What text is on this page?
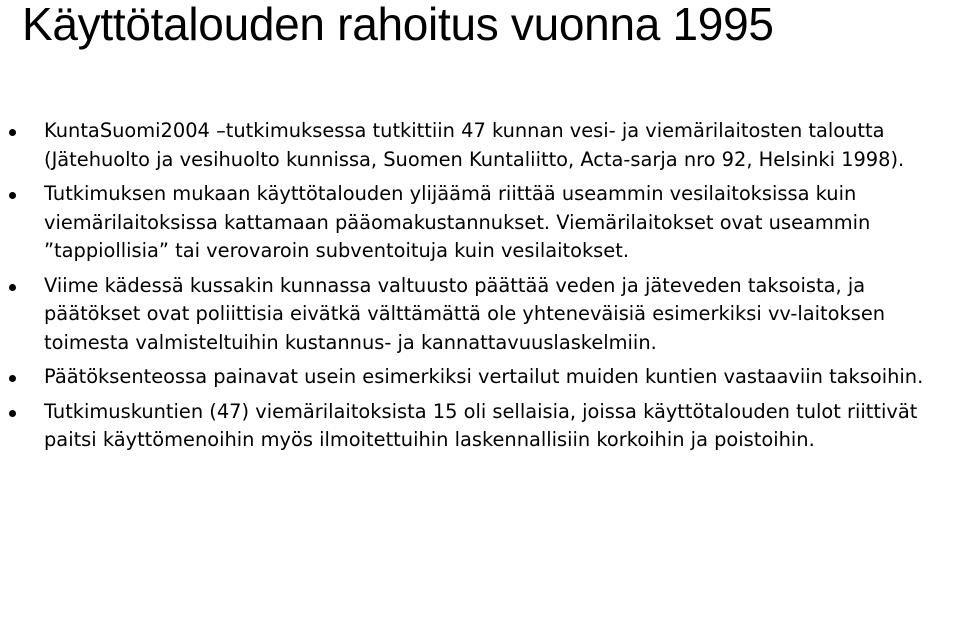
Käyttötalouden rahoitus vuonna 1995
KuntaSuomi2004 –tutkimuksessa tutkittiin 47 kunnan vesi- ja viemärilaitosten taloutta (Jätehuolto ja vesihuolto kunnissa, Suomen Kuntaliitto, Acta-sarja nro 92, Helsinki 1998).
Tutkimuksen mukaan käyttötalouden ylijäämä riittää useammin vesilaitoksissa kuin viemärilaitoksissa kattamaan pääomakustannukset. Viemärilaitokset ovat useammin ”tappiollisia” tai verovaroin subventoituja kuin vesilaitokset.
Viime kädessä kussakin kunnassa valtuusto päättää veden ja jäteveden taksoista, ja päätökset ovat poliittisia eivätkä välttämättä ole yhteneväisiä esimerkiksi vv-laitoksen toimesta valmisteltuihin kustannus- ja kannattavuuslaskelmiin.
Päätöksenteossa painavat usein esimerkiksi vertailut muiden kuntien vastaaviin taksoihin.
Tutkimuskuntien (47) viemärilaitoksista 15 oli sellaisia, joissa käyttötalouden tulot riittivät paitsi käyttömenoihin myös ilmoitettuihin laskennallisiin korkoihin ja poistoihin.
